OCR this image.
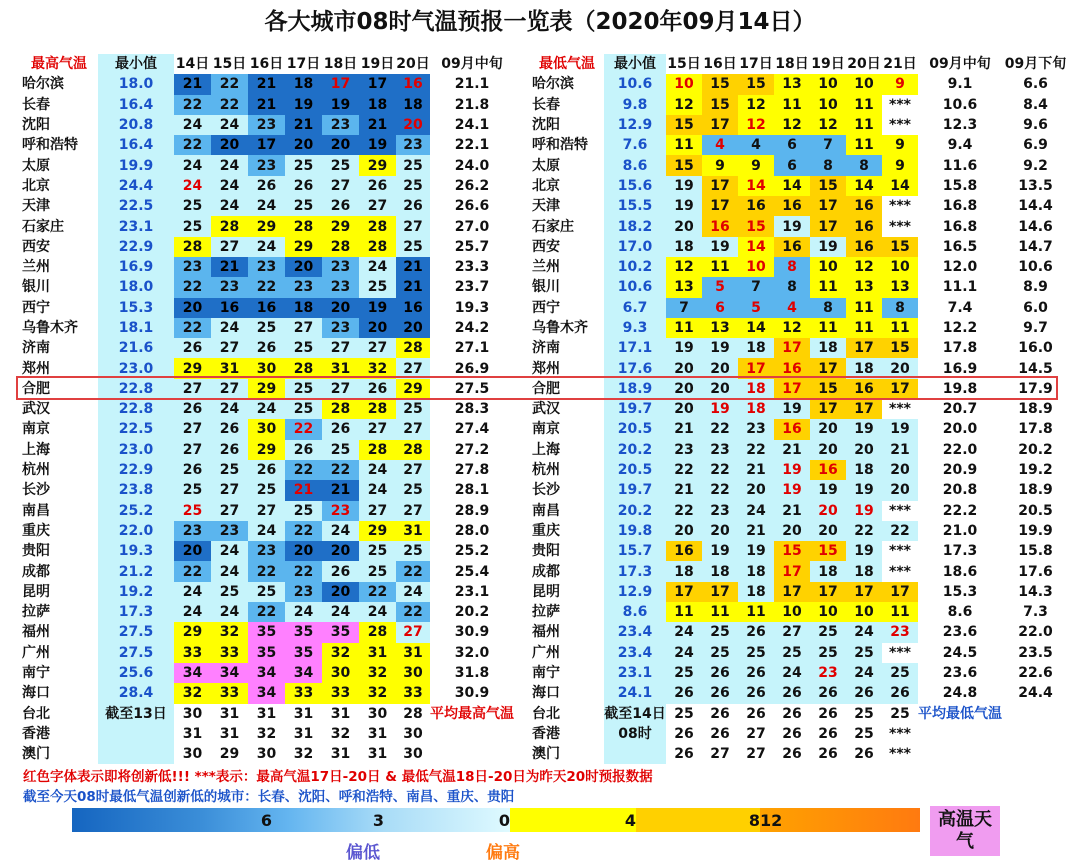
各大城市08时气温预报一览表（2020年09月14日）
最高气温	最小值	14日	15日	16日	17日	18日	19日	20日	09月中旬
哈尔滨	18.0	21	22	21	18	17	17	16	21.1
长春	16.4	22	22	21	19	19	18	18	21.8
沈阳	20.8	24	24	23	21	23	21	20	24.1
呼和浩特	16.4	22	20	17	20	20	19	23	22.1
太原	19.9	24	24	23	25	25	29	25	24.0
北京	24.4	24	24	26	26	27	26	25	26.2
天津	22.5	25	24	24	25	26	27	26	26.6
石家庄	23.1	25	28	29	28	29	28	27	27.0
西安	22.9	28	27	24	29	28	28	25	25.7
兰州	16.9	23	21	23	20	23	24	21	23.3
银川	18.0	22	23	22	23	23	25	21	23.7
西宁	15.3	20	16	16	18	20	19	16	19.3
乌鲁木齐	18.1	22	24	25	27	23	20	20	24.2
济南	21.6	26	27	26	25	27	27	28	27.1
郑州	23.0	29	31	30	28	31	32	27	26.9
合肥	22.8	27	27	29	25	27	26	29	27.5
武汉	22.8	26	24	24	25	28	28	25	28.3
南京	22.5	27	26	30	22	26	27	27	27.4
上海	23.0	27	26	29	26	25	28	28	27.2
杭州	22.9	26	25	26	22	22	24	27	27.8
长沙	23.8	25	27	25	21	21	24	25	28.1
南昌	25.2	25	27	27	25	23	27	27	28.9
重庆	22.0	23	23	24	22	24	29	31	28.0
贵阳	19.3	20	24	23	20	20	25	25	25.2
成都	21.2	22	24	22	22	26	25	22	25.4
昆明	19.2	24	25	25	23	20	22	24	23.1
拉萨	17.3	24	24	22	24	24	24	22	20.2
福州	27.5	29	32	35	35	35	28	27	30.9
广州	27.5	33	33	35	35	32	31	31	32.0
南宁	25.6	34	34	34	34	30	32	30	31.8
海口	28.4	32	33	34	33	33	32	33	30.9
台北	截至13日	30	31	31	31	31	30	28	平均最高气温
香港		31	31	32	31	32	31	30	
澳门		30	29	30	32	31	31	30	
最低气温	最小值	15日	16日	17日	18日	19日	20日	21日	09月中旬	09月下旬
哈尔滨	10.6	10	15	15	13	10	10	9	9.1	6.6
长春	9.8	12	15	12	11	10	11	***	10.6	8.4
沈阳	12.9	15	17	12	12	12	11	***	12.3	9.6
呼和浩特	7.6	11	4	4	6	7	11	9	9.4	6.9
太原	8.6	15	9	9	6	8	8	9	11.6	9.2
北京	15.6	19	17	14	14	15	14	14	15.8	13.5
天津	15.5	19	17	16	16	17	16	***	16.8	14.4
石家庄	18.2	20	16	15	19	17	16	***	16.8	14.6
西安	17.0	18	19	14	16	19	16	15	16.5	14.7
兰州	10.2	12	11	10	8	10	12	10	12.0	10.6
银川	10.6	13	5	7	8	11	13	13	11.1	8.9
西宁	6.7	7	6	5	4	8	11	8	7.4	6.0
乌鲁木齐	9.3	11	13	14	12	11	11	11	12.2	9.7
济南	17.1	19	19	18	17	18	17	15	17.8	16.0
郑州	17.6	20	20	17	16	17	18	20	16.9	14.5
合肥	18.9	20	20	18	17	15	16	17	19.8	17.9
武汉	19.7	20	19	18	19	17	17	***	20.7	18.9
南京	20.5	21	22	23	16	20	19	19	20.0	17.8
上海	20.2	23	23	22	21	20	20	21	22.0	20.2
杭州	20.5	22	22	21	19	16	18	20	20.9	19.2
长沙	19.7	21	22	20	19	19	19	20	20.8	18.9
南昌	20.2	22	23	24	21	20	19	***	22.2	20.5
重庆	19.8	20	20	21	20	20	22	22	21.0	19.9
贵阳	15.7	16	19	19	15	15	19	***	17.3	15.8
成都	17.3	18	18	18	17	18	18	***	18.6	17.6
昆明	12.9	17	17	18	17	17	17	17	15.3	14.3
拉萨	8.6	11	11	11	10	10	10	11	8.6	7.3
福州	23.4	24	25	26	27	25	24	23	23.6	22.0
广州	23.4	24	25	25	25	25	25	***	24.5	23.5
南宁	23.1	25	26	26	24	23	24	25	23.6	22.6
海口	24.1	26	26	26	26	26	26	26	24.8	24.4
台北	截至14日	25	26	26	26	26	25	25	平均最低气温	
香港	08时	26	26	27	26	26	25	***		
澳门		26	27	27	26	26	26	***		
红色字体表示即将创新低!!! ***表示：最高气温17日-20日 & 最低气温18日-20日为昨天20时预报数据
截至今天08时最低气温创新低的城市：长春、沈阳、呼和浩特、南昌、重庆、贵阳
6	3	0	4	8 12	高温天气
偏低	偏高
